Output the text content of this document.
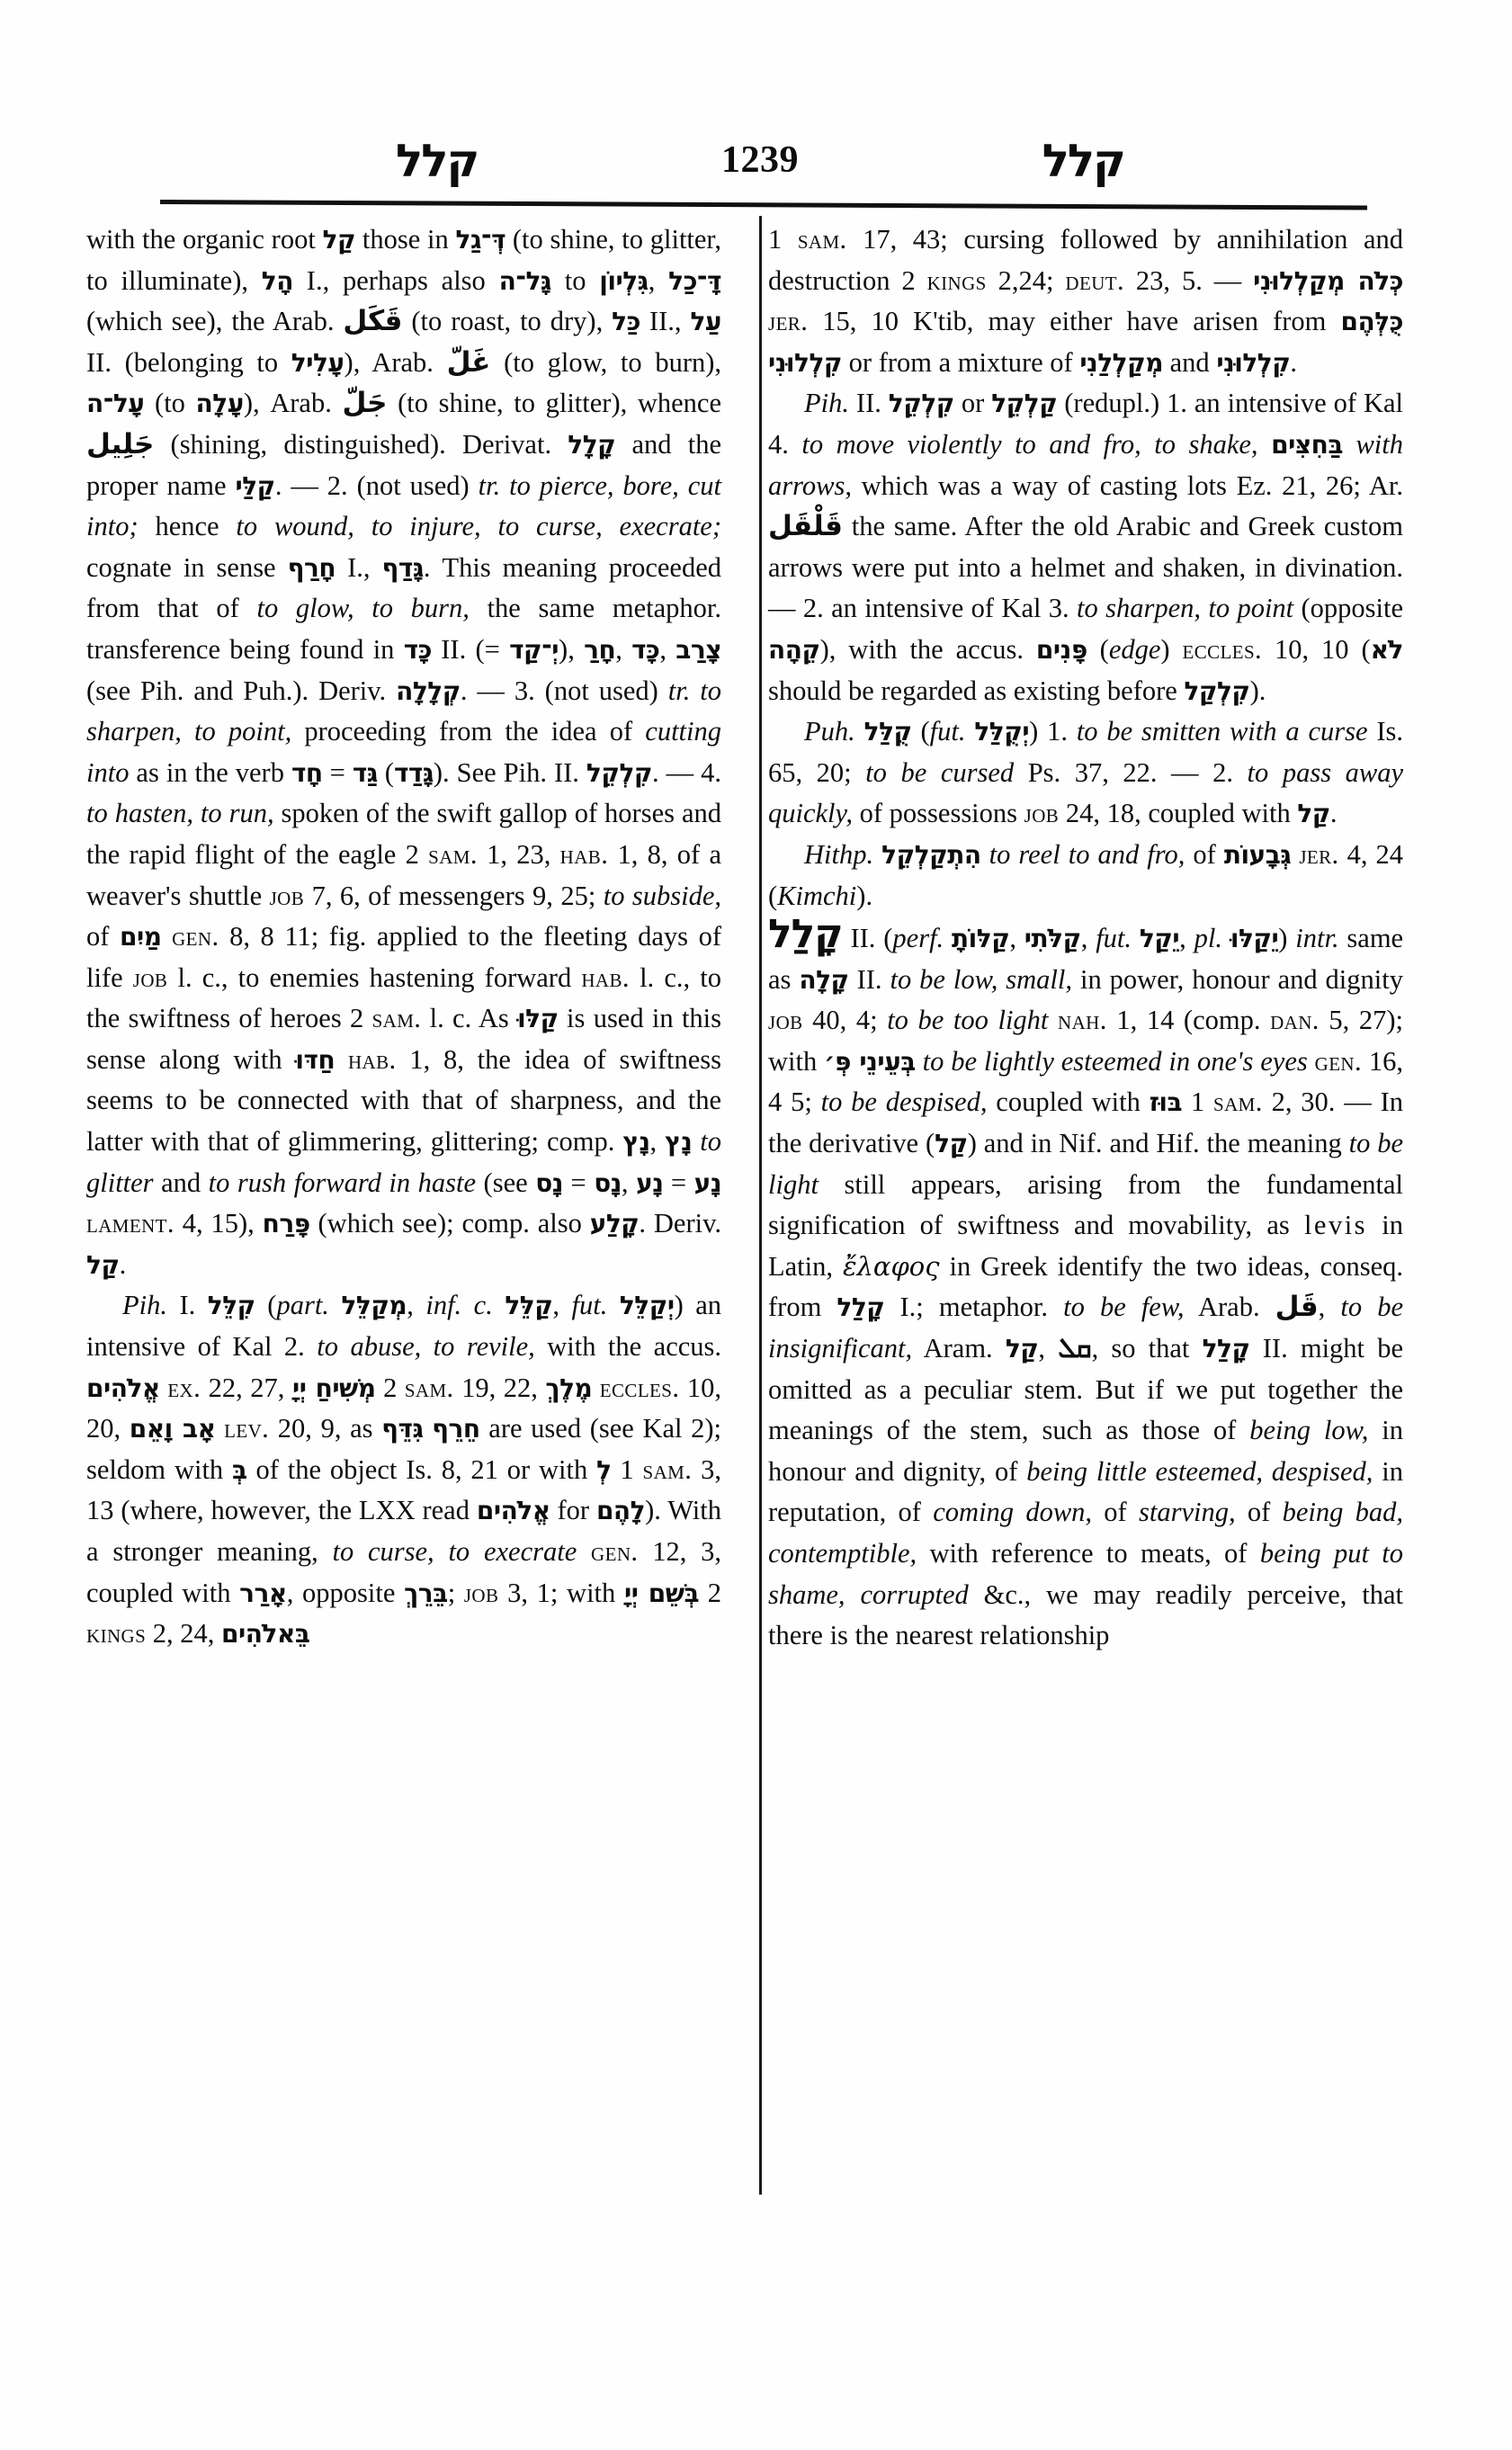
קלל	1239	קלל

with the organic root קַל those in דְּ־גַל (to shine, to glitter, to illuminate), הָל I., perhaps also גָּל־ה to גִּלְיוֹן, דָּ־כַל (which see), the Arab. قَكَل (to roast, to dry), כַּל II., עַל II. (belonging to עָלִיל), Arab. غَلّ (to glow, to burn), עָל־ה (to עָלָה), Arab. جَلّ (to shine, to glitter), whence جَلِيل (shining, distinguished). Derivat. קָלָל and the proper name קַלַּי. — 2. (not used) tr. to pierce, bore, cut into; hence to wound, to injure, to curse, execrate; cognate in sense חָרַף I., גָּדַף. This meaning proceeded from that of to glow, to burn, the same metaphor. transference being found in כָּד II. (= יְ־קַד), חָרַ, כָּד, צָרַב (see Pih. and Puh.). Deriv. קְלָלָה. — 3. (not used) tr. to sharpen, to point, proceeding from the idea of cutting into as in the verb חָד = גַּד (גָּדַד). See Pih. II. קִלְקֵל. — 4. to hasten, to run, spoken of the swift gallop of horses and the rapid flight of the eagle 2 sam. 1, 23, hab. 1, 8, of a weaver's shuttle job 7, 6, of messengers 9, 25; to subside, of מַיִם gen. 8, 8 11; fig. applied to the fleeting days of life job l. c., to enemies hastening forward hab. l. c., to the swiftness of heroes 2 sam. l. c. As קַלּוּ is used in this sense along with חַדּוּ hab. 1, 8, the idea of swiftness seems to be connected with that of sharpness, and the latter with that of glimmering, glittering; comp. נָץ, נָץ to glitter and to rush forward in haste (see נָס = נָס, נָע = נָע lament. 4, 15), פָּרַח (which see); comp. also קָלַע. Deriv. קַל.

Pih. I. קִלֵּל (part. מְקַלֵּל, inf. c. קַלֵּל, fut. יְקַלֵּל) an intensive of Kal 2. to abuse, to revile, with the accus. אֱלֹהִים ex. 22, 27, מְשִׁיחַ יְיָ 2 sam. 19, 22, מֶלֶךְ eccles. 10, 20, אָב וָאֵם lev. 20, 9, as גִּדֵּף חֵרֵף are used (see Kal 2); seldom with בְּ of the object Is. 8, 21 or with לְ 1 sam. 3, 13 (where, however, the LXX read אֱלֹהִים for לָהֶם). With a stronger meaning, to curse, to execrate gen. 12, 3, coupled with אָרַר, opposite בֵּרֵךְ; job 3, 1; with בְּשֵׁם יְיָ 2 kings 2, 24, בֵּאלֹהִים

1 sam. 17, 43; cursing followed by annihilation and destruction 2 kings 2,24; deut. 23, 5. — כְּלֹה מְקַלְלוּנִי jer. 15, 10 K'tib, may either have arisen from כֻּלְּהֶם קִלְלוּנִי or from a mixture of מְקַלְלַנִי and קִלְלוּנִי.

Pih. II. קִלְקֵל or קַלְקֵל (redupl.) 1. an intensive of Kal 4. to move violently to and fro, to shake, בַּחִצִּים with arrows, which was a way of casting lots Ez. 21, 26; Ar. قَلْقَل the same. After the old Arabic and Greek custom arrows were put into a helmet and shaken, in divination. — 2. an intensive of Kal 3. to sharpen, to point (opposite קֵהָה), with the accus. פָּנִים (edge) eccles. 10, 10 (לֹא should be regarded as existing before קִלְקַל).

Puh. קֻלַּל (fut. יְקֻלַּל) 1. to be smitten with a curse Is. 65, 20; to be cursed Ps. 37, 22. — 2. to pass away quickly, of possessions job 24, 18, coupled with קַל.

Hithp. הִתְקַלְקֵל to reel to and fro, of גְּבָעוֹת jer. 4, 24 (Kimchi).

קָלַל II. (perf. קַלּוֹתָ, קַלֹּתִי, fut. יֵקַל, pl. יֵקַלּוּ) intr. same as קָלָה II. to be low, small, in power, honour and dignity job 40, 4; to be too light nah. 1, 14 (comp. dan. 5, 27); with בְּעֵינֵי פְּ׳ to be lightly esteemed in one's eyes gen. 16, 4 5; to be despised, coupled with בּוּז 1 sam. 2, 30. — In the derivative (קַל) and in Nif. and Hif. the meaning to be light still appears, arising from the fundamental signification of swiftness and movability, as levis in Latin, ἔλαφος in Greek identify the two ideas, conseq. from קָלַל I.; metaphor. to be few, Arab. قَل, to be insignificant, Aram. קַל, ܩܠ, so that קָלַל II. might be omitted as a peculiar stem. But if we put together the meanings of the stem, such as those of being low, in honour and dignity, of being little esteemed, despised, in reputation, of coming down, of starving, of being bad, contemptible, with reference to meats, of being put to shame, corrupted &c., we may readily perceive, that there is the nearest relationship
